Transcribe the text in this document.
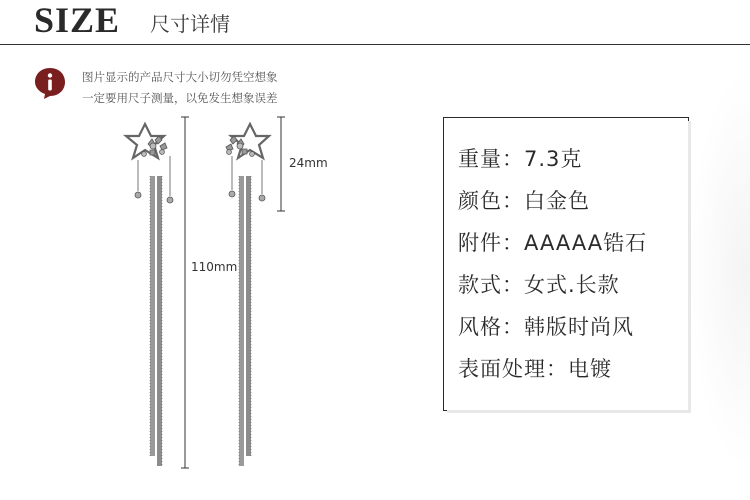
SIZE 尺寸详情
图片显示的产品尺寸大小切勿凭空想象
一定要用尺子测量，以免发生想象误差
24mm
110mm
重量：7.3克
颜色：白金色
附件：AAAAA锆石
款式：女式.长款
风格：韩版时尚风
表面处理：电镀
